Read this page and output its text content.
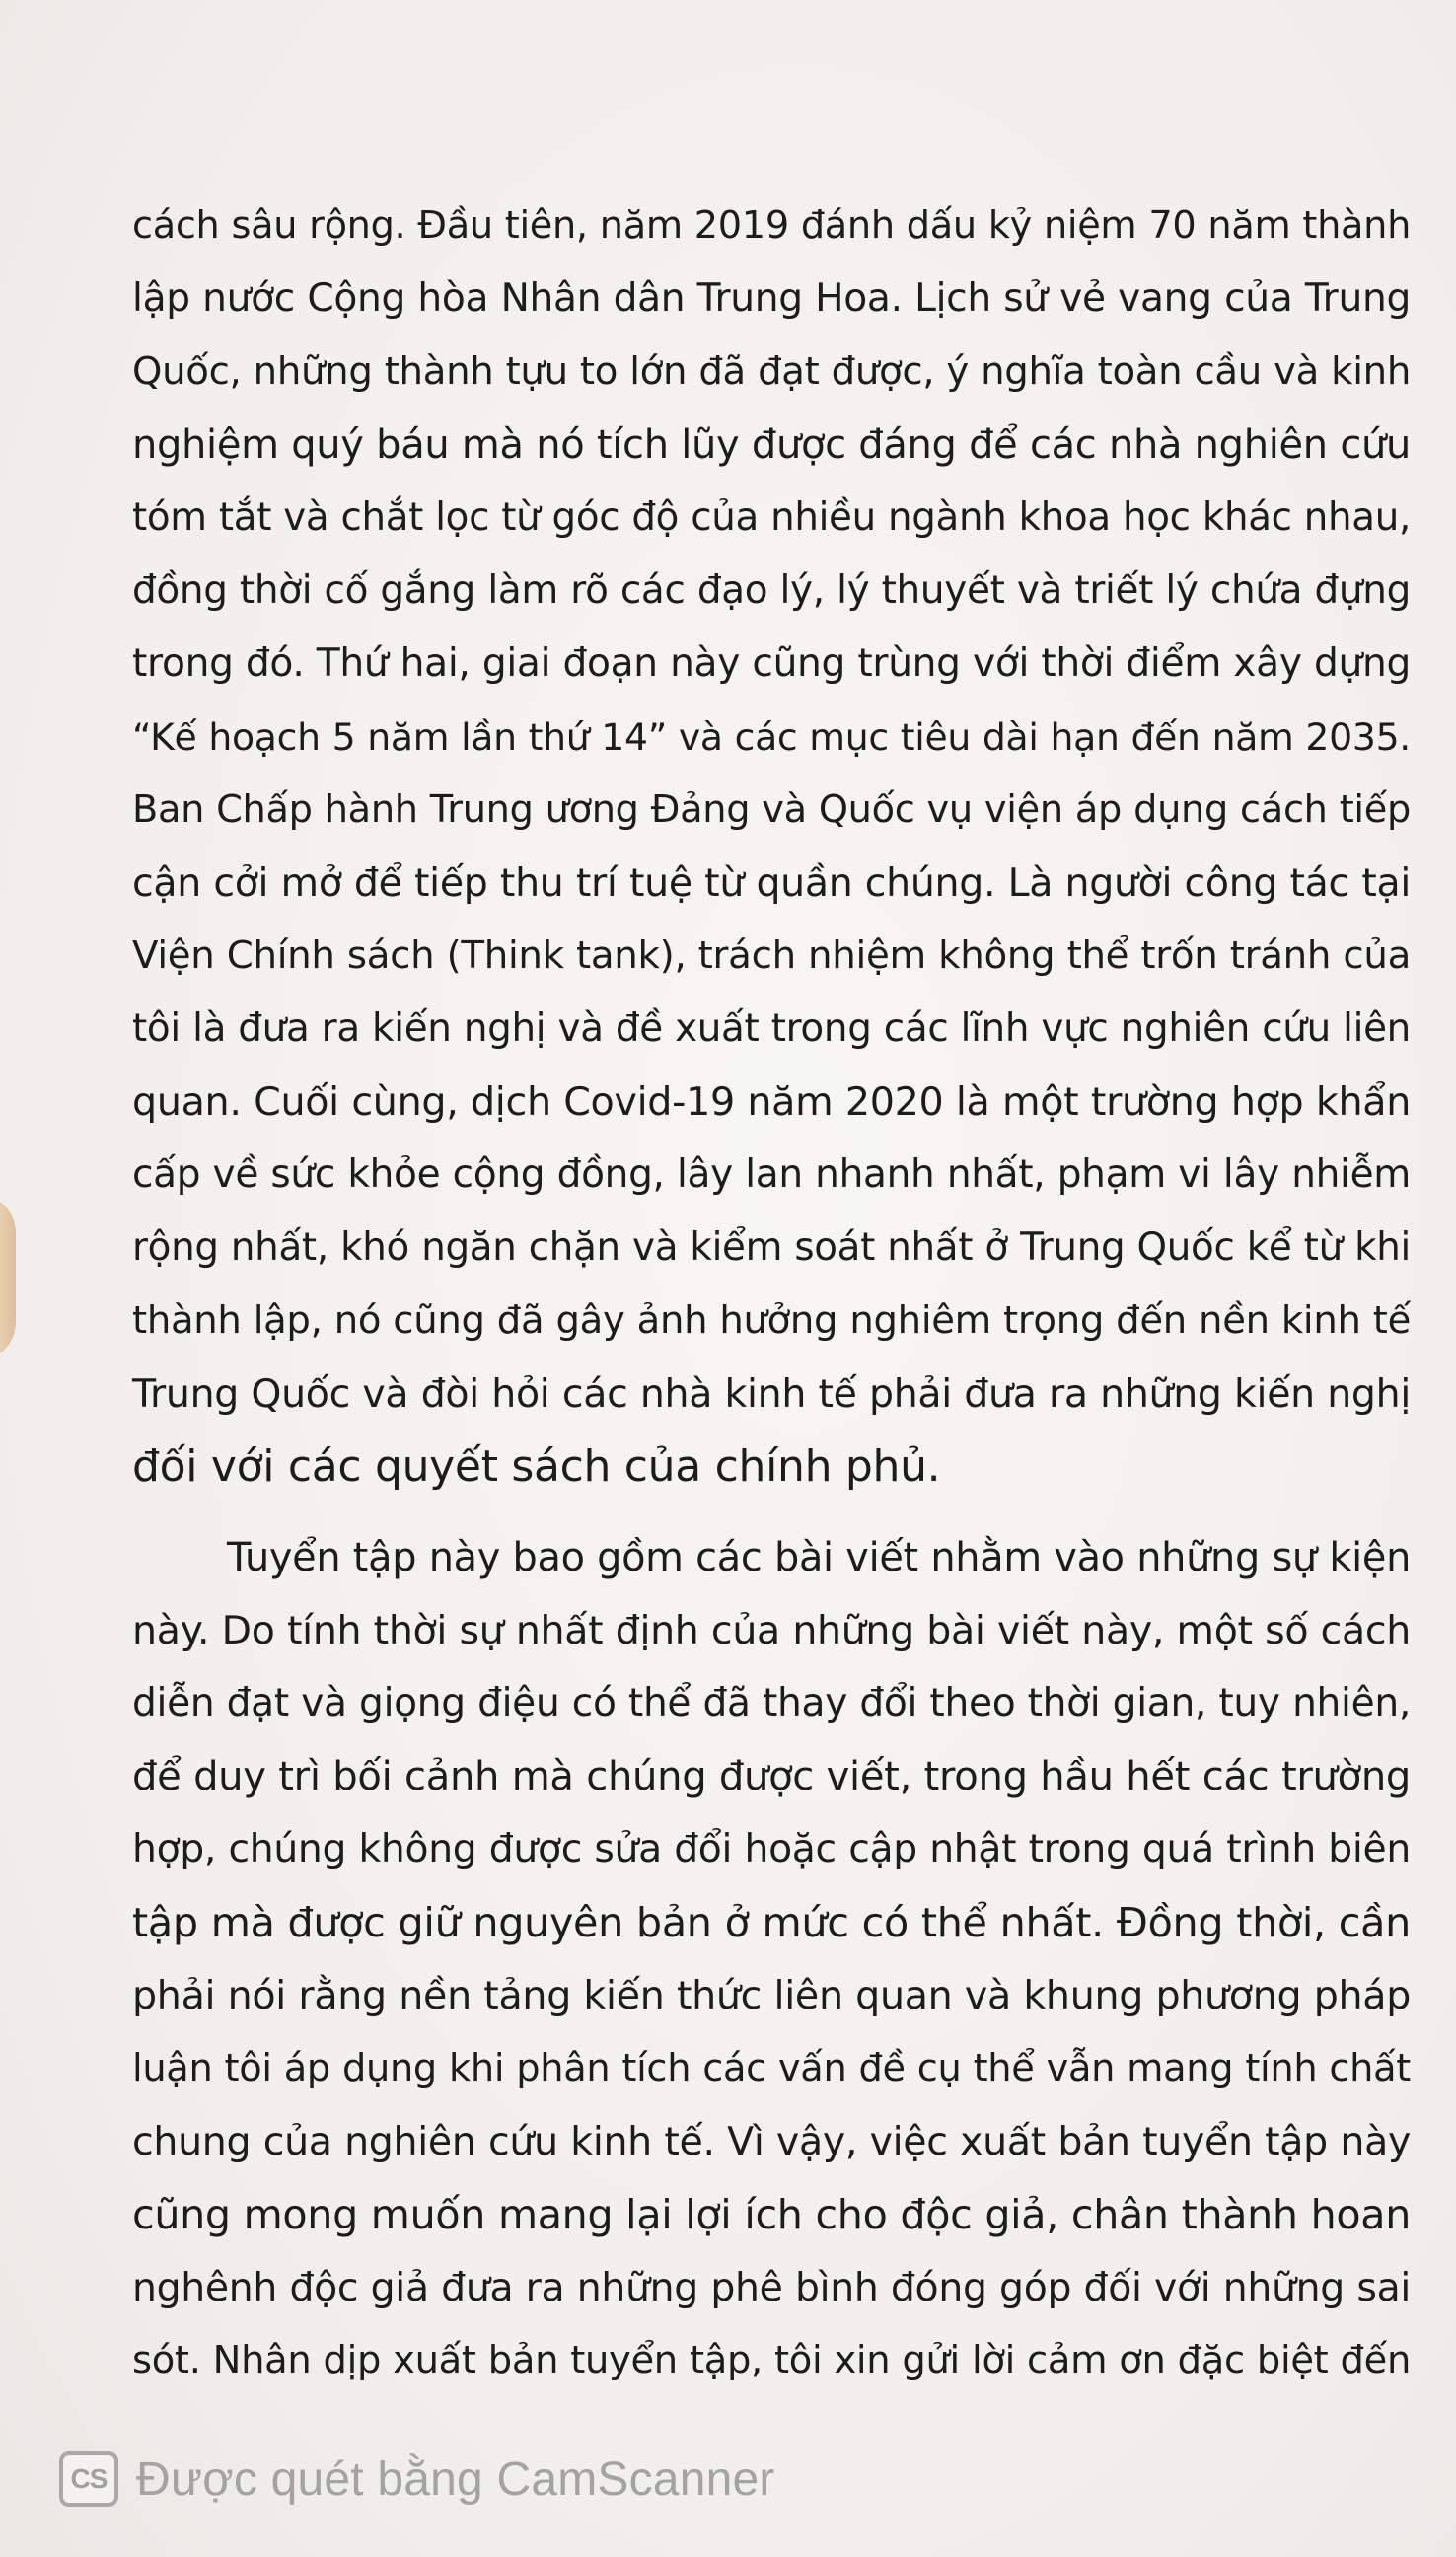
cách sâu rộng. Đầu tiên, năm 2019 đánh dấu kỷ niệm 70 năm thành
lập nước Cộng hòa Nhân dân Trung Hoa. Lịch sử vẻ vang của Trung
Quốc, những thành tựu to lớn đã đạt được, ý nghĩa toàn cầu và kinh
nghiệm quý báu mà nó tích lũy được đáng để các nhà nghiên cứu
tóm tắt và chắt lọc từ góc độ của nhiều ngành khoa học khác nhau,
đồng thời cố gắng làm rõ các đạo lý, lý thuyết và triết lý chứa đựng
trong đó. Thứ hai, giai đoạn này cũng trùng với thời điểm xây dựng
“Kế hoạch 5 năm lần thứ 14” và các mục tiêu dài hạn đến năm 2035.
Ban Chấp hành Trung ương Đảng và Quốc vụ viện áp dụng cách tiếp
cận cởi mở để tiếp thu trí tuệ từ quần chúng. Là người công tác tại
Viện Chính sách (Think tank), trách nhiệm không thể trốn tránh của
tôi là đưa ra kiến nghị và đề xuất trong các lĩnh vực nghiên cứu liên
quan. Cuối cùng, dịch Covid-19 năm 2020 là một trường hợp khẩn
cấp về sức khỏe cộng đồng, lây lan nhanh nhất, phạm vi lây nhiễm
rộng nhất, khó ngăn chặn và kiểm soát nhất ở Trung Quốc kể từ khi
thành lập, nó cũng đã gây ảnh hưởng nghiêm trọng đến nền kinh tế
Trung Quốc và đòi hỏi các nhà kinh tế phải đưa ra những kiến nghị
đối với các quyết sách của chính phủ.

Tuyển tập này bao gồm các bài viết nhằm vào những sự kiện
này. Do tính thời sự nhất định của những bài viết này, một số cách
diễn đạt và giọng điệu có thể đã thay đổi theo thời gian, tuy nhiên,
để duy trì bối cảnh mà chúng được viết, trong hầu hết các trường
hợp, chúng không được sửa đổi hoặc cập nhật trong quá trình biên
tập mà được giữ nguyên bản ở mức có thể nhất. Đồng thời, cần
phải nói rằng nền tảng kiến thức liên quan và khung phương pháp
luận tôi áp dụng khi phân tích các vấn đề cụ thể vẫn mang tính chất
chung của nghiên cứu kinh tế. Vì vậy, việc xuất bản tuyển tập này
cũng mong muốn mang lại lợi ích cho độc giả, chân thành hoan
nghênh độc giả đưa ra những phê bình đóng góp đối với những sai
sót. Nhân dịp xuất bản tuyển tập, tôi xin gửi lời cảm ơn đặc biệt đến

CS Được quét bằng CamScanner
